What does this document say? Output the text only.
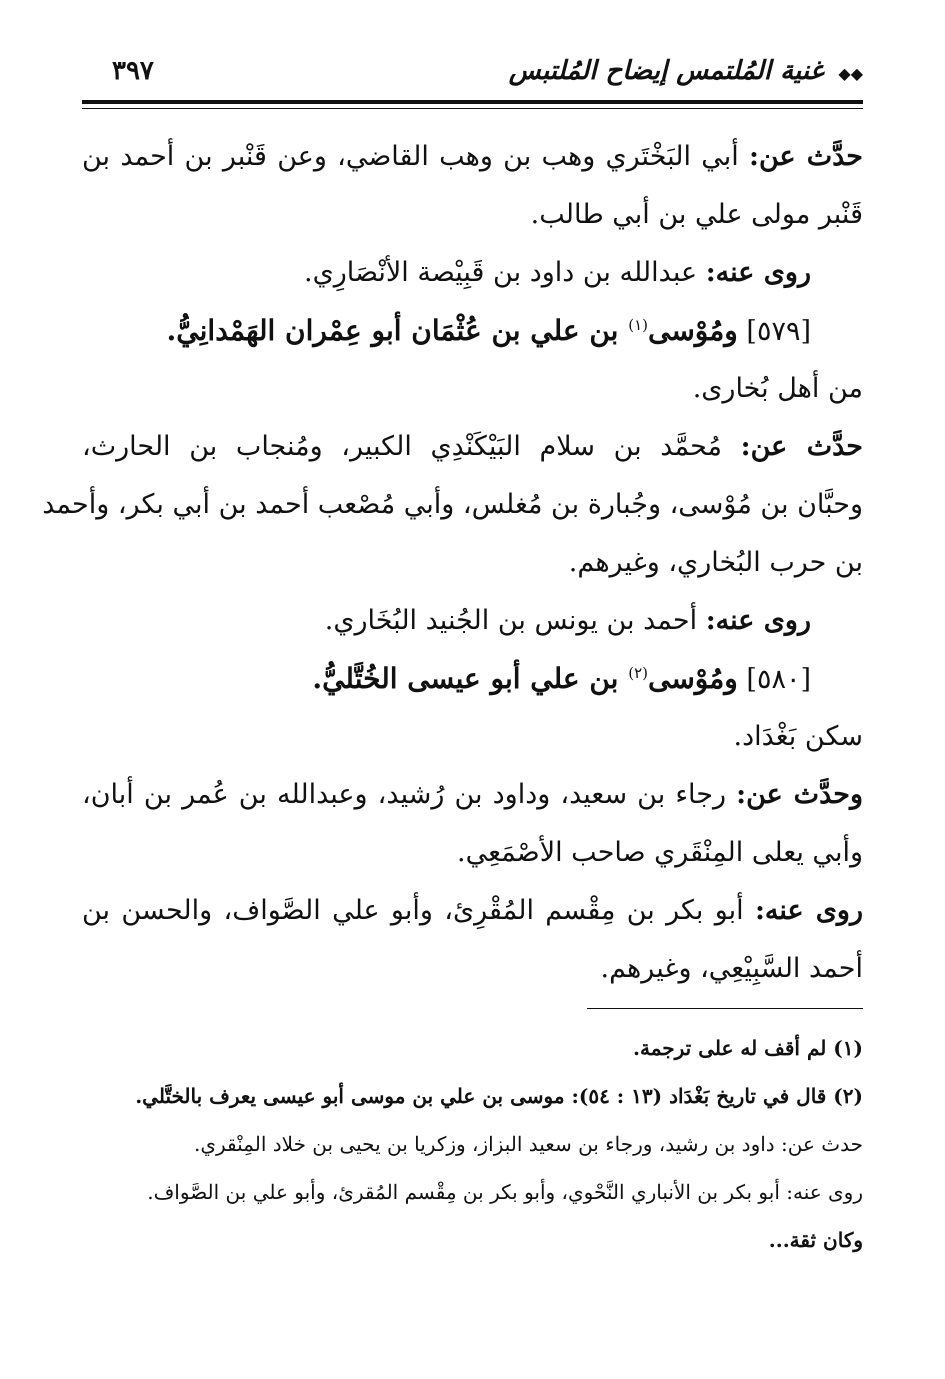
◆◆ غنية المُلتمس إيضاح المُلتبس
٣٩٧
حدَّث عن: أبي البَخْتَري وهب بن وهب القاضي، وعن قَنْبر بن أحمد بن
قَنْبر مولى علي بن أبي طالب.
روى عنه: عبدالله بن داود بن قَبِيْصة الأنْصَارِي.
[٥٧٩] ومُوْسى$^{(١)}$ بن علي بن عُثْمَان أبو عِمْران الهَمْدانِيُّ.
من أهل بُخارى.
حدَّث عن: مُحمَّد بن سلام البَيْكَنْدِي الكبير، ومُنجاب بن الحارث،
وحبَّان بن مُوْسى، وجُبارة بن مُغلس، وأبي مُصْعب أحمد بن أبي بكر، وأحمد
بن حرب البُخاري، وغيرهم.
روى عنه: أحمد بن يونس بن الجُنيد البُخَاري.
[٥٨٠] ومُوْسى$^{(٢)}$ بن علي أبو عيسى الخُتَّليُّ.
سكن بَغْدَاد.
وحدَّث عن: رجاء بن سعيد، وداود بن رُشيد، وعبدالله بن عُمر بن أبان،
وأبي يعلى المِنْقَري صاحب الأصْمَعِي.
روى عنه: أبو بكر بن مِقْسم المُقْرِئ، وأبو علي الصَّواف، والحسن بن
أحمد السَّبِيْعِي، وغيرهم.
(١) لم أقف له على ترجمة.
(٢) قال في تاريخ بَغْدَاد (١٣ : ٥٤): موسى بن علي بن موسى أبو عيسى يعرف بالختَّلي.
حدث عن: داود بن رشيد، ورجاء بن سعيد البزاز، وزكريا بن يحيى بن خلاد المِنْقري.
روى عنه: أبو بكر بن الأنباري النَّحْوي، وأبو بكر بن مِقْسم المُقرئ، وأبو علي بن الصَّواف.
وكان ثقة...
